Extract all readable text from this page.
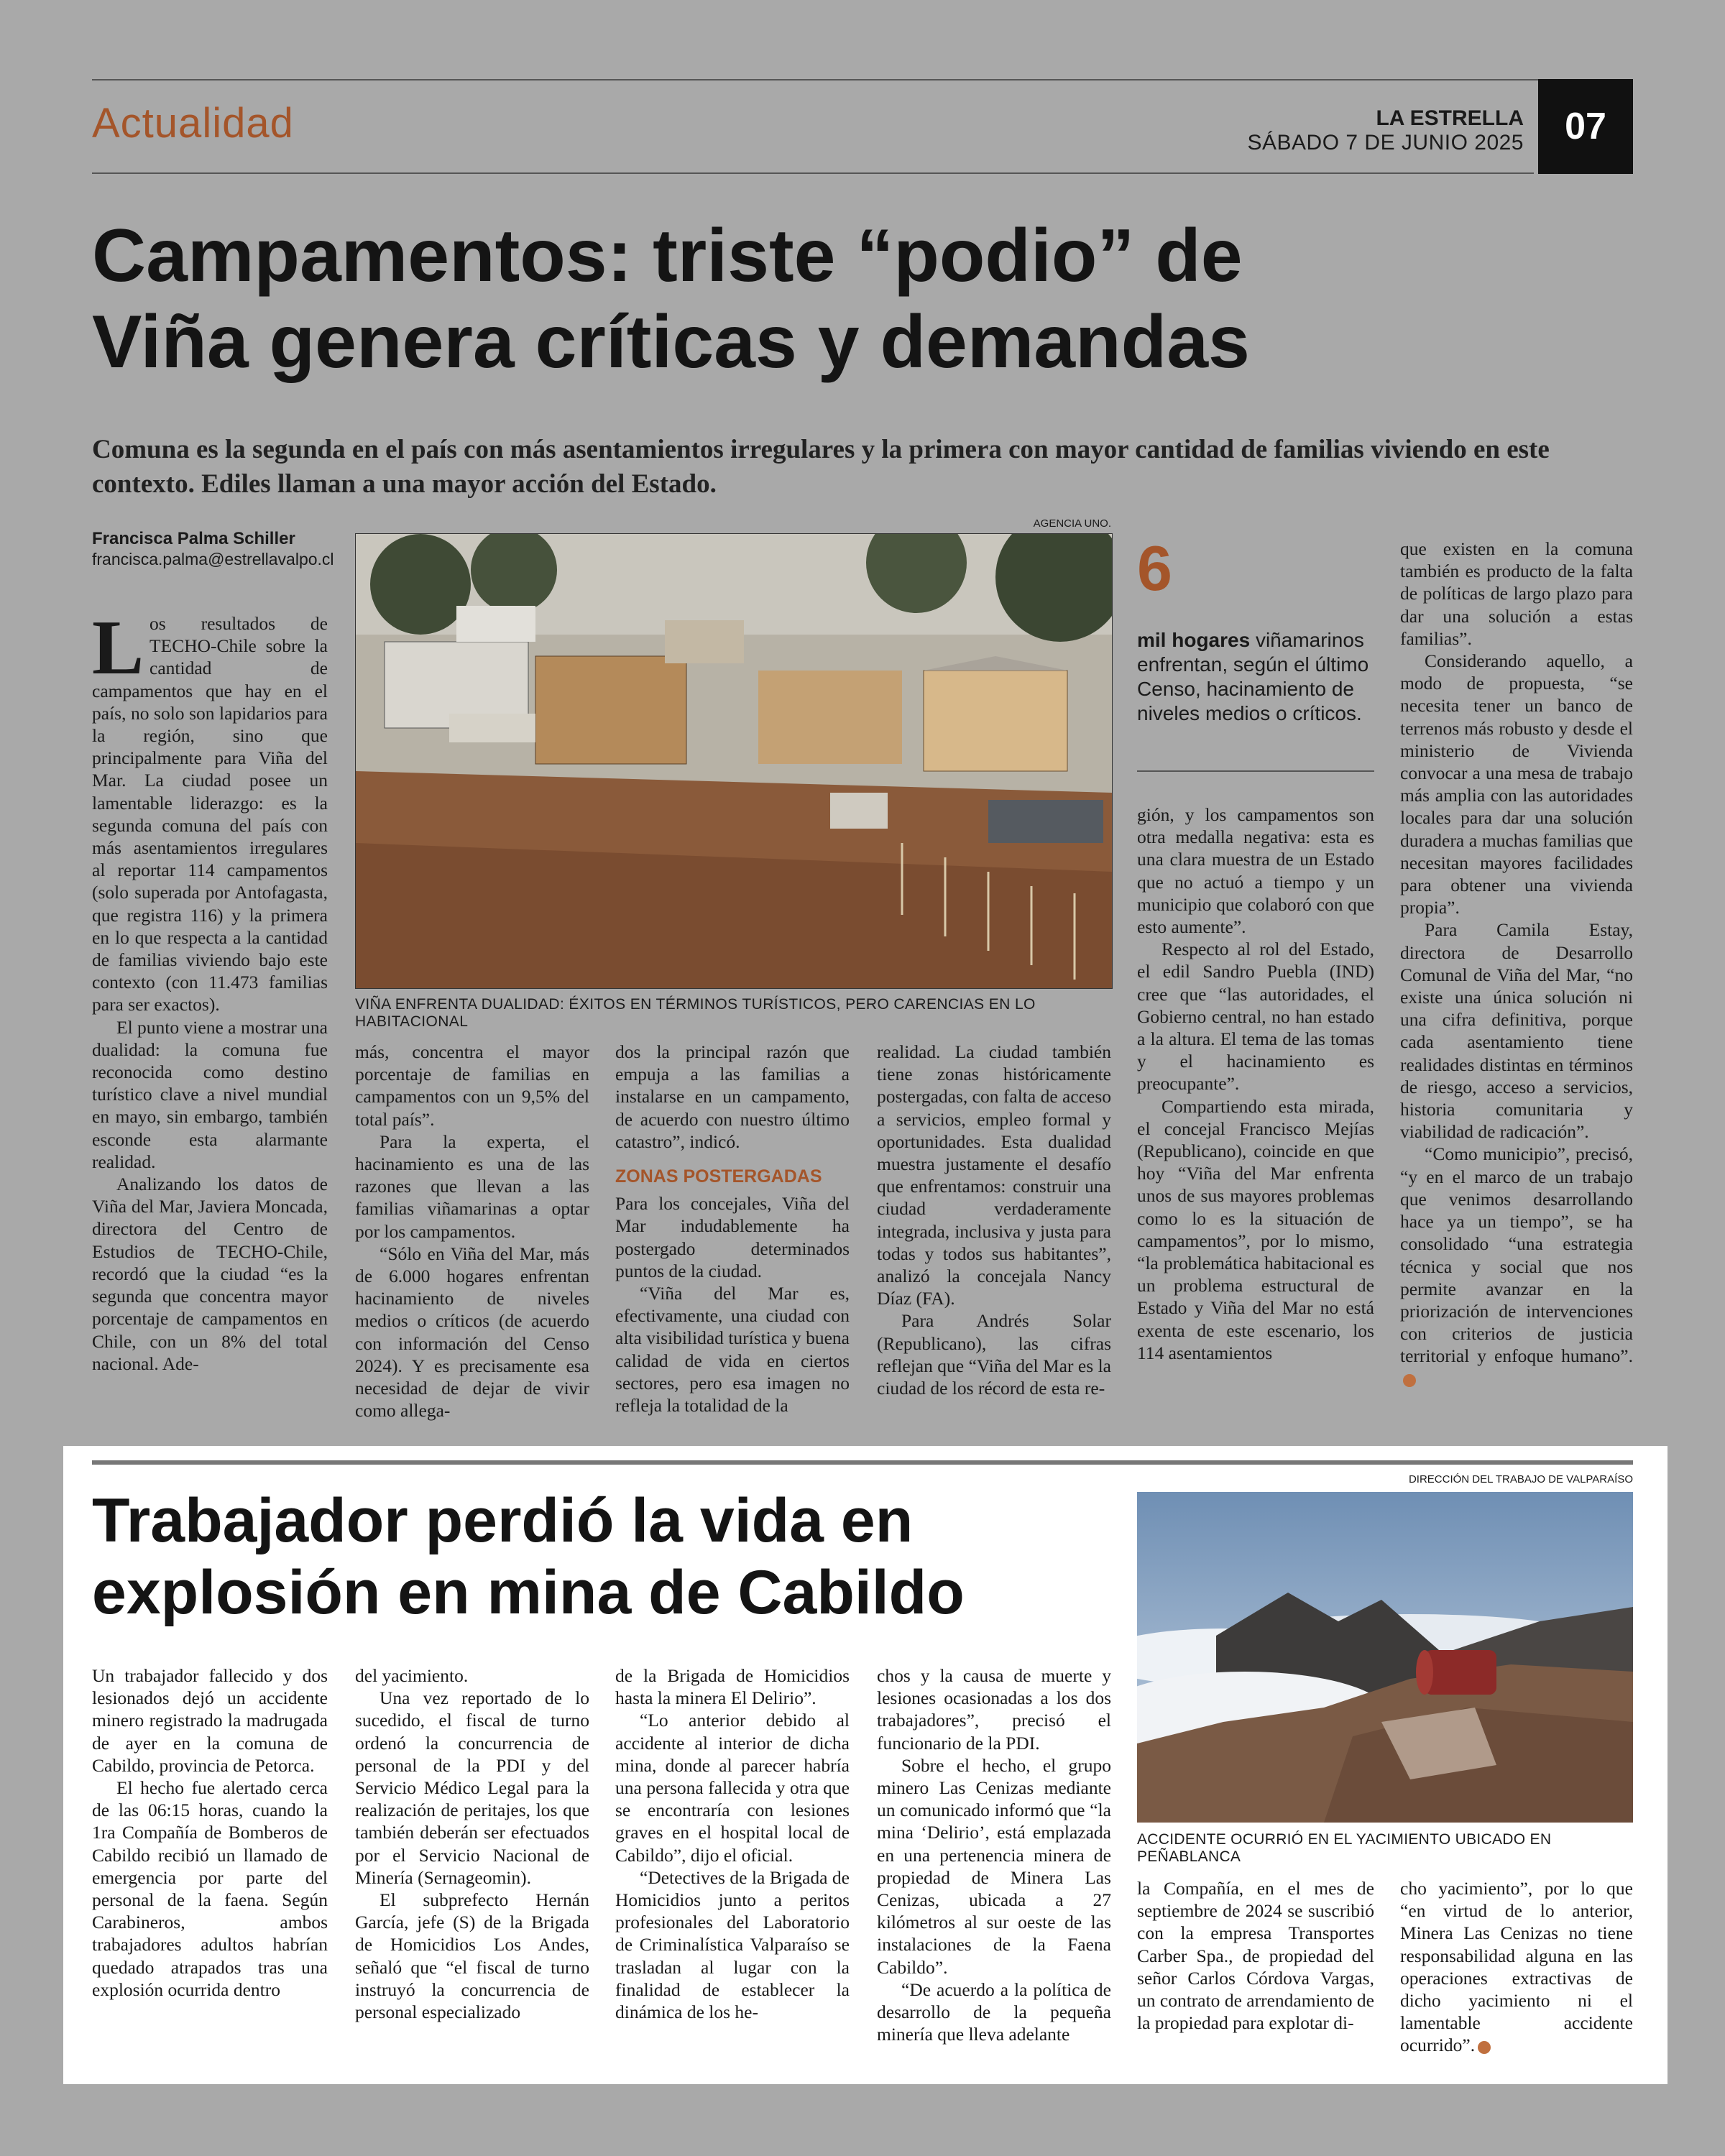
Actualidad	LA ESTRELLA
SÁBADO 7 DE JUNIO 2025	07
Campamentos: triste “podio” de
Viña genera críticas y demandas
Comuna es la segunda en el país con más asentamientos irregulares y la primera con mayor cantidad de familias viviendo en este contexto. Ediles llaman a una mayor acción del Estado.
Francisca Palma Schiller
francisca.palma@estrellavalpo.cl
AGENCIA UNO.
VIÑA ENFRENTA DUALIDAD: ÉXITOS EN TÉRMINOS TURÍSTICOS, PERO CARENCIAS EN LO HABITACIONAL
6
mil hogares viñamarinos enfrentan, según el último Censo, hacinamiento de niveles medios o críticos.

Los resultados de TECHO-Chile sobre la cantidad de campamentos que hay en el país, no solo son lapidarios para la región, sino que principalmente para Viña del Mar. La ciudad posee un lamentable liderazgo: es la segunda comuna del país con más asentamientos irregulares al reportar 114 campamentos (solo superada por Antofagasta, que registra 116) y la primera en lo que respecta a la cantidad de familias viviendo bajo este contexto (con 11.473 familias para ser exactos).

El punto viene a mostrar una dualidad: la comuna fue reconocida como destino turístico clave a nivel mundial en mayo, sin embargo, también esconde esta alarmante realidad.

Analizando los datos de Viña del Mar, Javiera Moncada, directora del Centro de Estudios de TECHO-Chile, recordó que la ciudad “es la segunda que concentra mayor porcentaje de campamentos en Chile, con un 8% del total nacional. Ade-

más, concentra el mayor porcentaje de familias en campamentos con un 9,5% del total país”.

Para la experta, el hacinamiento es una de las razones que llevan a las familias viñamarinas a optar por los campamentos.

“Sólo en Viña del Mar, más de 6.000 hogares enfrentan hacinamiento de niveles medios o críticos (de acuerdo con información del Censo 2024). Y es precisamente esa necesidad de dejar de vivir como allega-

dos la principal razón que empuja a las familias a instalarse en un campamento, de acuerdo con nuestro último catastro”, indicó.

ZONAS POSTERGADAS

Para los concejales, Viña del Mar indudablemente ha postergado determinados puntos de la ciudad.

“Viña del Mar es, efectivamente, una ciudad con alta visibilidad turística y buena calidad de vida en ciertos sectores, pero esa imagen no refleja la totalidad de la

realidad. La ciudad también tiene zonas históricamente postergadas, con falta de acceso a servicios, empleo formal y oportunidades. Esta dualidad muestra justamente el desafío que enfrentamos: construir una ciudad verdaderamente integrada, inclusiva y justa para todas y todos sus habitantes”, analizó la concejala Nancy Díaz (FA).

Para Andrés Solar (Republicano), las cifras reflejan que “Viña del Mar es la ciudad de los récord de esta re-

gión, y los campamentos son otra medalla negativa: esta es una clara muestra de un Estado que no actuó a tiempo y un municipio que colaboró con que esto aumente”.

Respecto al rol del Estado, el edil Sandro Puebla (IND) cree que “las autoridades, el Gobierno central, no han estado a la altura. El tema de las tomas y el hacinamiento es preocupante”.

Compartiendo esta mirada, el concejal Francisco Mejías (Republicano), coincide en que hoy “Viña del Mar enfrenta unos de sus mayores problemas como lo es la situación de campamentos”, por lo mismo, “la problemática habitacional es un problema estructural de Estado y Viña del Mar no está exenta de este escenario, los 114 asentamientos

que existen en la comuna también es producto de la falta de políticas de largo plazo para dar una solución a estas familias”.

Considerando aquello, a modo de propuesta, “se necesita tener un banco de terrenos más robusto y desde el ministerio de Vivienda convocar a una mesa de trabajo más amplia con las autoridades locales para dar una solución duradera a muchas familias que necesitan mayores facilidades para obtener una vivienda propia”.

Para Camila Estay, directora de Desarrollo Comunal de Viña del Mar, “no existe una única solución ni una cifra definitiva, porque cada asentamiento tiene realidades distintas en términos de riesgo, acceso a servicios, historia comunitaria y viabilidad de radicación”.

“Como municipio”, precisó, “y en el marco de un trabajo que venimos desarrollando hace ya un tiempo”, se ha consolidado “una estrategia técnica y social que nos permite avanzar en la priorización de intervenciones con criterios de justicia territorial y enfoque humano”.

Trabajador perdió la vida en
explosión en mina de Cabildo
DIRECCIÓN DEL TRABAJO DE VALPARAÍSO
ACCIDENTE OCURRIÓ EN EL YACIMIENTO UBICADO EN PEÑABLANCA

Un trabajador fallecido y dos lesionados dejó un accidente minero registrado la madrugada de ayer en la comuna de Cabildo, provincia de Petorca.

El hecho fue alertado cerca de las 06:15 horas, cuando la 1ra Compañía de Bomberos de Cabildo recibió un llamado de emergencia por parte del personal de la faena. Según Carabineros, ambos trabajadores adultos habrían quedado atrapados tras una explosión ocurrida dentro

del yacimiento.

Una vez reportado de lo sucedido, el fiscal de turno ordenó la concurrencia de personal de la PDI y del Servicio Médico Legal para la realización de peritajes, los que también deberán ser efectuados por el Servicio Nacional de Minería (Sernageomin).

El subprefecto Hernán García, jefe (S) de la Brigada de Homicidios Los Andes, señaló que “el fiscal de turno instruyó la concurrencia de personal especializado

de la Brigada de Homicidios hasta la minera El Delirio”.

“Lo anterior debido al accidente al interior de dicha mina, donde al parecer habría una persona fallecida y otra que se encontraría con lesiones graves en el hospital local de Cabildo”, dijo el oficial.

“Detectives de la Brigada de Homicidios junto a peritos profesionales del Laboratorio de Criminalística Valparaíso se trasladan al lugar con la finalidad de establecer la dinámica de los he-

chos y la causa de muerte y lesiones ocasionadas a los dos trabajadores”, precisó el funcionario de la PDI.

Sobre el hecho, el grupo minero Las Cenizas mediante un comunicado informó que “la mina ‘Delirio’, está emplazada en una pertenencia minera de propiedad de Minera Las Cenizas, ubicada a 27 kilómetros al sur oeste de las instalaciones de la Faena Cabildo”.

“De acuerdo a la política de desarrollo de la pequeña minería que lleva adelante

la Compañía, en el mes de septiembre de 2024 se suscribió con la empresa Transportes Carber Spa., de propiedad del señor Carlos Córdova Vargas, un contrato de arrendamiento de la propiedad para explotar di-

cho yacimiento”, por lo que “en virtud de lo anterior, Minera Las Cenizas no tiene responsabilidad alguna en las operaciones extractivas de dicho yacimiento ni el lamentable accidente ocurrido”.
